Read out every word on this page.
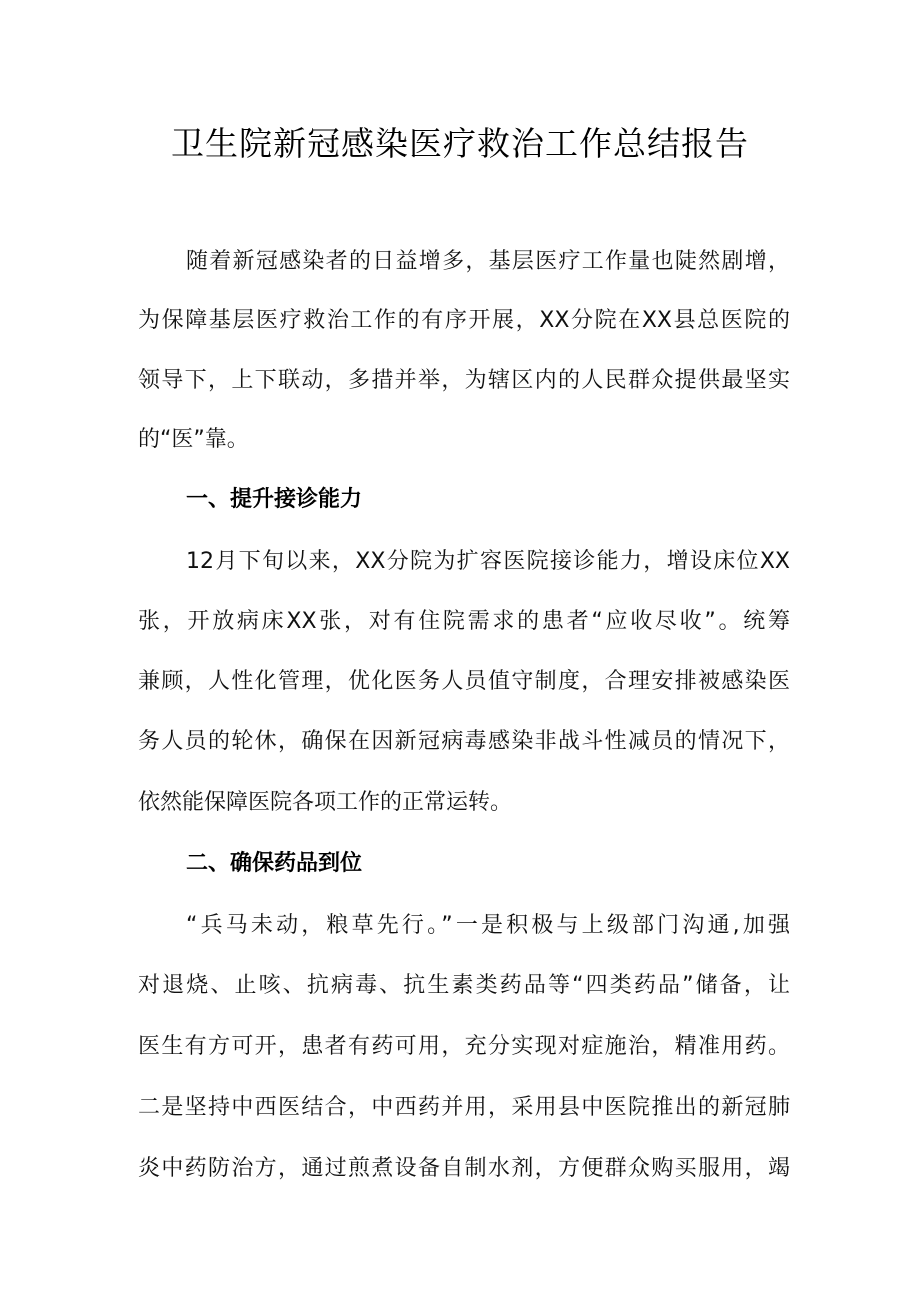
卫生院新冠感染医疗救治工作总结报告
随着新冠感染者的日益增多，基层医疗工作量也陡然剧增，
为保障基层医疗救治工作的有序开展，XX分院在XX县总医院的
领导下，上下联动，多措并举，为辖区内的人民群众提供最坚实
的“医”靠。
一、提升接诊能力
12月下旬以来，XX分院为扩容医院接诊能力，增设床位XX
张，开放病床XX张，对有住院需求的患者“应收尽收”。统筹
兼顾，人性化管理，优化医务人员值守制度，合理安排被感染医
务人员的轮休，确保在因新冠病毒感染非战斗性减员的情况下，
依然能保障医院各项工作的正常运转。
二、确保药品到位
“兵马未动，粮草先行。”一是积极与上级部门沟通,加强
对退烧、止咳、抗病毒、抗生素类药品等“四类药品”储备，让
医生有方可开，患者有药可用，充分实现对症施治，精准用药。
二是坚持中西医结合，中西药并用，采用县中医院推出的新冠肺
炎中药防治方，通过煎煮设备自制水剂，方便群众购买服用，竭
